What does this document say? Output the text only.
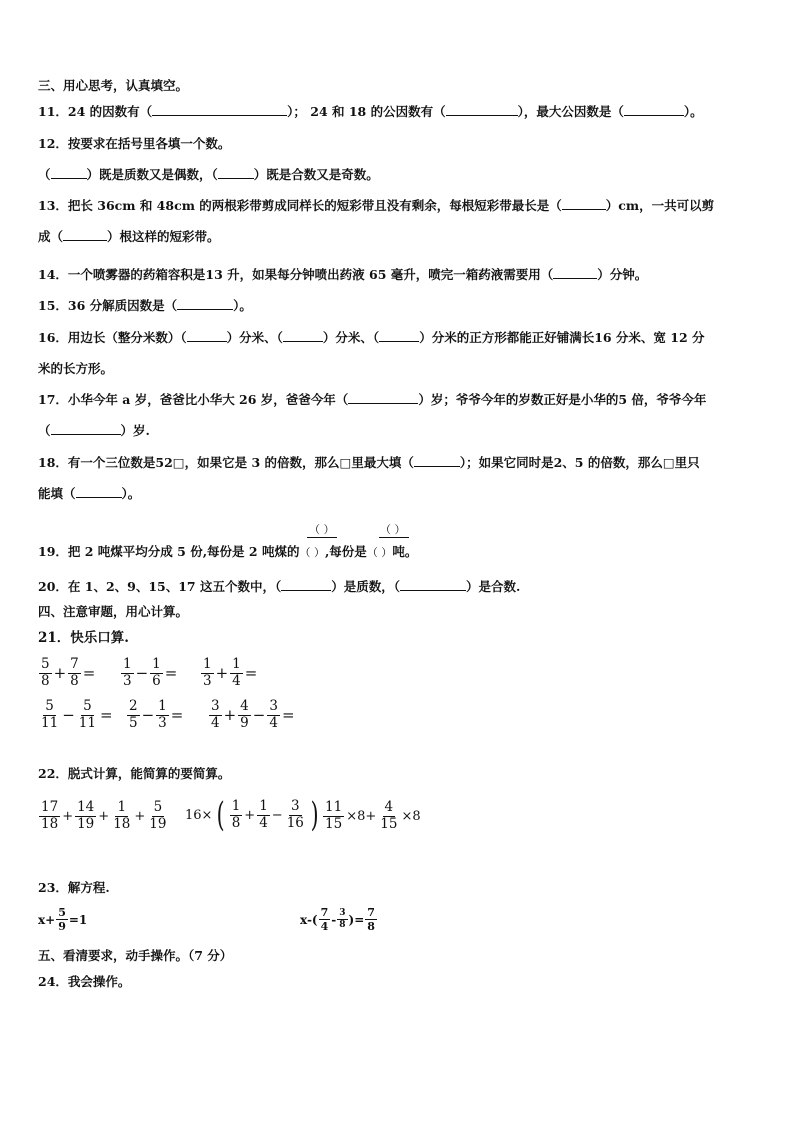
三、用心思考，认真填空。
11．24 的因数有（	）； 24 和 18 的公因数有（	），最大公因数是（	）。
12．按要求在括号里各填一个数。
（	）既是质数又是偶数，（	）既是合数又是奇数。
13．把长 36cm 和 48cm 的两根彩带剪成同样长的短彩带且没有剩余，每根短彩带最长是（	）cm，一共可以剪
成（	）根这样的短彩带。
14．一个喷雾器的药箱容积是13 升，如果每分钟喷出药液 65 毫升，喷完一箱药液需要用（	）分钟。
15．36 分解质因数是（	）。
16．用边长（整分米数）（	）分米、（	）分米、（	）分米的正方形都能正好铺满长16 分米、宽 12 分
米的长方形。
17．小华今年 a 岁，爸爸比小华大 26 岁，爸爸今年（	）岁；爷爷今年的岁数正好是小华的5 倍，爷爷今年
（	）岁.
18．有一个三位数是52□，如果它是 3 的倍数，那么□里最大填（	）；如果它同时是2、5 的倍数，那么□里只
能填（	）。
（ ）	（ ）
19．把 2 吨煤平均分成 5 份,每份是 2 吨煤的（ ）,每份是（ ）吨。
20．在 1、2、9、15、17 这五个数中，（	）是质数，（	）是合数.
四、注意审题，用心计算。
21．快乐口算.
$\frac{5}{8} + \frac{7}{8} = \frac{1}{3} - \frac{1}{6} = \frac{1}{3} + \frac{1}{4}$ =
$\frac{5}{11} - \frac{5}{11} = \frac{2}{5} - \frac{1}{3} = \frac{3}{4} + \frac{4}{9} - \frac{3}{4}$ =
22．脱式计算，能简算的要简算。
$\frac{17}{18} + \frac{14}{19} + \frac{1}{18} + \frac{5}{19} 16\times$ ( $\frac{1}{8} + \frac{1}{4} - \frac{3}{16}$ ) $\frac{11}{15} \times 8+ \frac{4}{15} \times 8$
23．解方程.
$x+ \frac{5}{9} =1$	$x-( \frac{7}{4} - \frac{3}{8}$ )= $\frac{7}{8}$
五、看清要求，动手操作。（7 分）
24．我会操作。
